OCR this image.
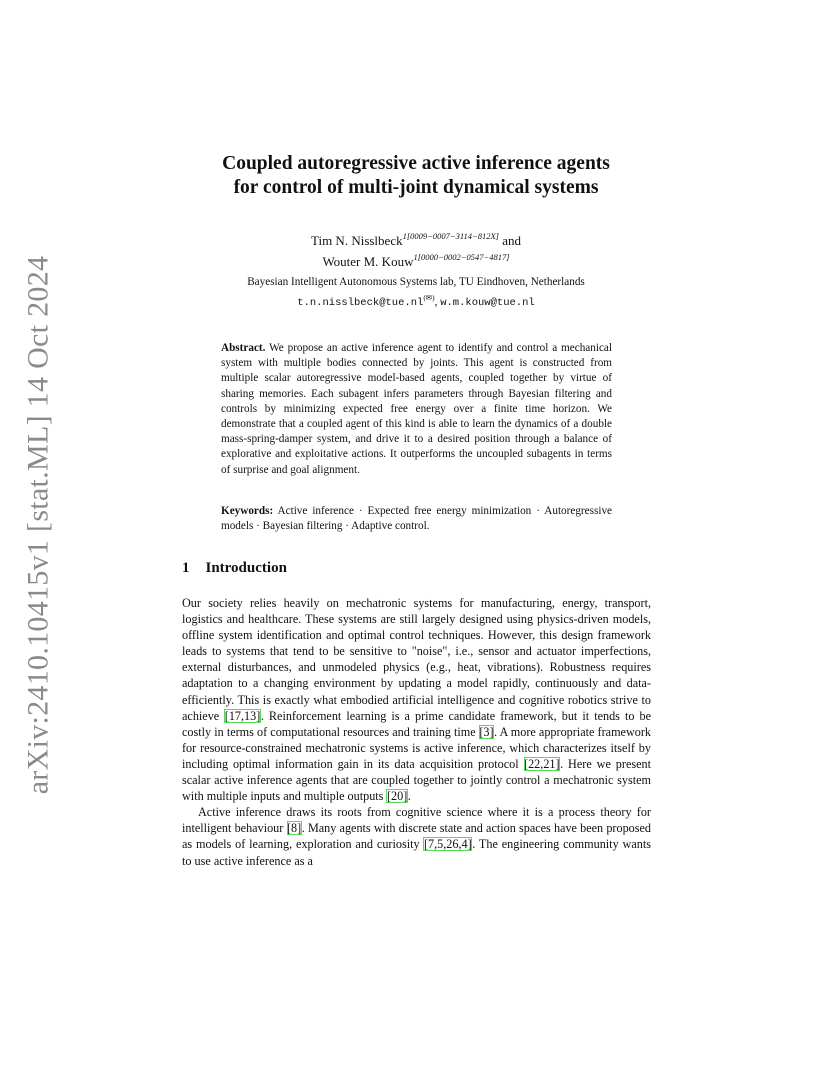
arXiv:2410.10415v1 [stat.ML] 14 Oct 2024
Coupled autoregressive active inference agents
for control of multi-joint dynamical systems
Tim N. Nisslbeck$^{1[0009-0007-3114-812X]}$ and
Wouter M. Kouw$^{1[0000-0002-0547-4817]}$
Bayesian Intelligent Autonomous Systems lab, TU Eindhoven, Netherlands
t.n.nisslbeck@tue.nl(✉), w.m.kouw@tue.nl
Abstract. We propose an active inference agent to identify and control a mechanical system with multiple bodies connected by joints. This agent is constructed from multiple scalar autoregressive model-based agents, coupled together by virtue of sharing memories. Each subagent infers parameters through Bayesian filtering and controls by minimizing expected free energy over a finite time horizon. We demonstrate that a coupled agent of this kind is able to learn the dynamics of a double mass-spring-damper system, and drive it to a desired position through a balance of explorative and exploitative actions. It outperforms the uncoupled subagents in terms of surprise and goal alignment.
Keywords: Active inference · Expected free energy minimization · Autoregressive models · Bayesian filtering · Adaptive control.
1 Introduction

Our society relies heavily on mechatronic systems for manufacturing, energy, transport, logistics and healthcare. These systems are still largely designed using physics-driven models, offline system identification and optimal control techniques. However, this design framework leads to systems that tend to be sensitive to "noise", i.e., sensor and actuator imperfections, external disturbances, and unmodeled physics (e.g., heat, vibrations). Robustness requires adaptation to a changing environment by updating a model rapidly, continuously and data-efficiently. This is exactly what embodied artificial intelligence and cognitive robotics strive to achieve [17,13]. Reinforcement learning is a prime candidate framework, but it tends to be costly in terms of computational resources and training time [3]. A more appropriate framework for resource-constrained mechatronic systems is active inference, which characterizes itself by including optimal information gain in its data acquisition protocol [22,21]. Here we present scalar active inference agents that are coupled together to jointly control a mechatronic system with multiple inputs and multiple outputs [20].

Active inference draws its roots from cognitive science where it is a process theory for intelligent behaviour [8]. Many agents with discrete state and action spaces have been proposed as models of learning, exploration and curiosity [7,5,26,4]. The engineering community wants to use active inference as a
